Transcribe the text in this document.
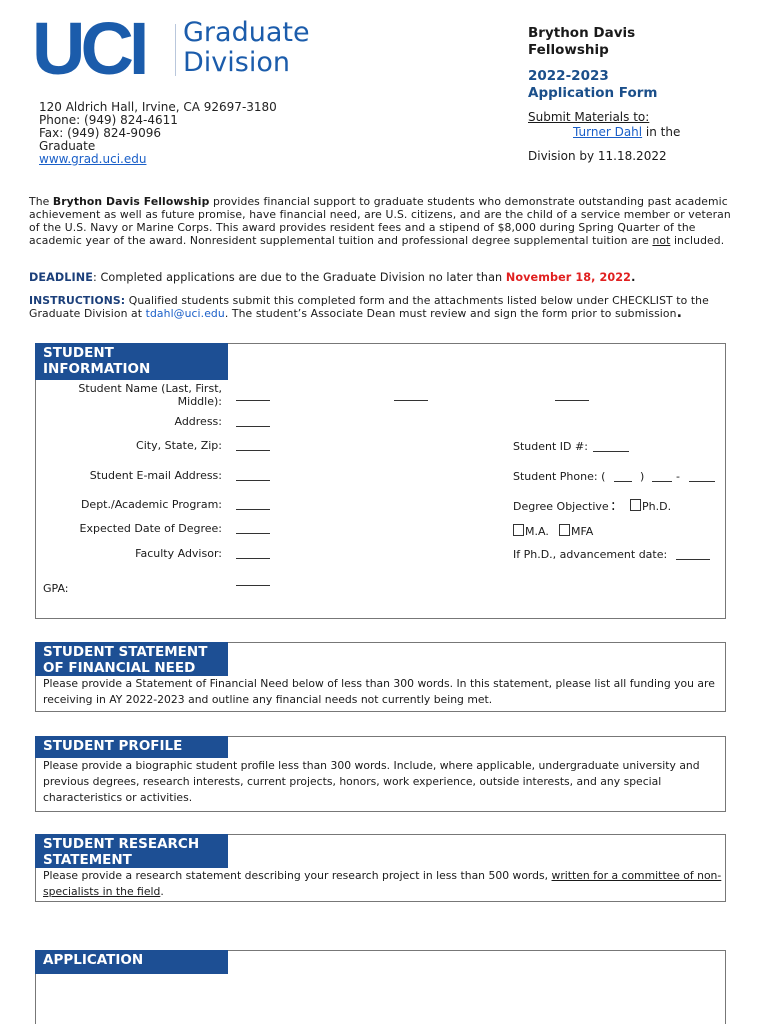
UCI Graduate
Division
120 Aldrich Hall, Irvine, CA 92697-3180
Phone: (949) 824-4611
Fax: (949) 824-9096
Graduate
www.grad.uci.edu
Brython Davis
Fellowship
2022-2023
Application Form
Submit Materials to:
Turner Dahl in the
Division by 11.18.2022
The Brython Davis Fellowship provides financial support to graduate students who demonstrate outstanding past academic achievement as well as future promise, have financial need, are U.S. citizens, and are the child of a service member or veteran of the U.S. Navy or Marine Corps. This award provides resident fees and a stipend of $8,000 during Spring Quarter of the academic year of the award. Nonresident supplemental tuition and professional degree supplemental tuition are not included.
DEADLINE: Completed applications are due to the Graduate Division no later than November 18, 2022.
INSTRUCTIONS: Qualified students submit this completed form and the attachments listed below under CHECKLIST to the Graduate Division at tdahl@uci.edu. The student’s Associate Dean must review and sign the form prior to submission.
STUDENT INFORMATION
Student Name (Last, First, Middle):
Address:
City, State, Zip:	Student ID #:
Student E-mail Address:	Student Phone: (	)	-
Dept./Academic Program:	Degree Objective :	Ph.D.
Expected Date of Degree:	M.A.	MFA
Faculty Advisor:	If Ph.D., advancement date:
GPA:
STUDENT STATEMENT OF FINANCIAL NEED
Please provide a Statement of Financial Need below of less than 300 words. In this statement, please list all funding you are receiving in AY 2022-2023 and outline any financial needs not currently being met.
STUDENT PROFILE
Please provide a biographic student profile less than 300 words. Include, where applicable, undergraduate university and previous degrees, research interests, current projects, honors, work experience, outside interests, and any special characteristics or activities.
STUDENT RESEARCH STATEMENT
Please provide a research statement describing your research project in less than 500 words, written for a committee of non-specialists in the field.
APPLICATION
